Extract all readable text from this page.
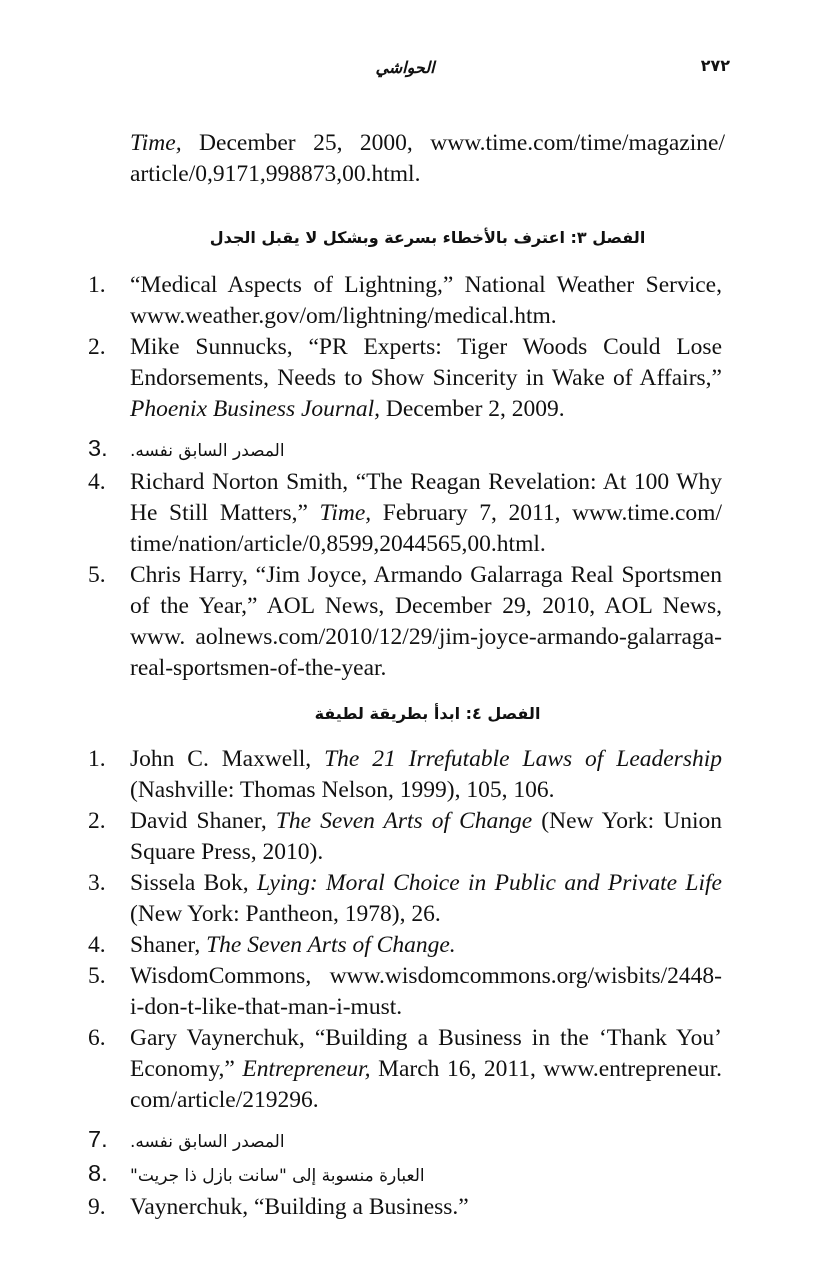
الحواشي	٢٧٢
Time, December 25, 2000, www.time.com/time/magazine/ article/0,9171,998873,00.html.
الفصل ٣: اعترف بالأخطاء بسرعة وبشكل لا يقبل الجدل
1.	“Medical Aspects of Lightning,” National Weather Service, www.weather.gov/om/lightning/medical.htm.
2.	Mike Sunnucks, “PR Experts: Tiger Woods Could Lose Endorsements, Needs to Show Sincerity in Wake of Affairs,” Phoenix Business Journal, December 2, 2009.
3.	المصدر السابق نفسه.
4.	Richard Norton Smith, “The Reagan Revelation: At 100 Why He Still Matters,” Time, February 7, 2011, www.time.com/ time/nation/article/0,8599,2044565,00.html.
5.	Chris Harry, “Jim Joyce, Armando Galarraga Real Sportsmen of the Year,” AOL News, December 29, 2010, AOL News, www. aolnews.com/2010/12/29/jim-joyce-armando-galarraga-real-sportsmen-of-the-year.
الفصل ٤: ابدأ بطريقة لطيفة
1.	John C. Maxwell, The 21 Irrefutable Laws of Leadership (Nashville: Thomas Nelson, 1999), 105, 106.
2.	David Shaner, The Seven Arts of Change (New York: Union Square Press, 2010).
3.	Sissela Bok, Lying: Moral Choice in Public and Private Life (New York: Pantheon, 1978), 26.
4.	Shaner, The Seven Arts of Change.
5.	WisdomCommons, www.wisdomcommons.org/wisbits/2448-i-don-t-like-that-man-i-must.
6.	Gary Vaynerchuk, “Building a Business in the ‘Thank You’ Economy,” Entrepreneur, March 16, 2011, www.entrepreneur. com/article/219296.
7.	المصدر السابق نفسه.
8.	العبارة منسوبة إلى "سانت بازل ذا جريت"
9.	Vaynerchuk, “Building a Business.”
